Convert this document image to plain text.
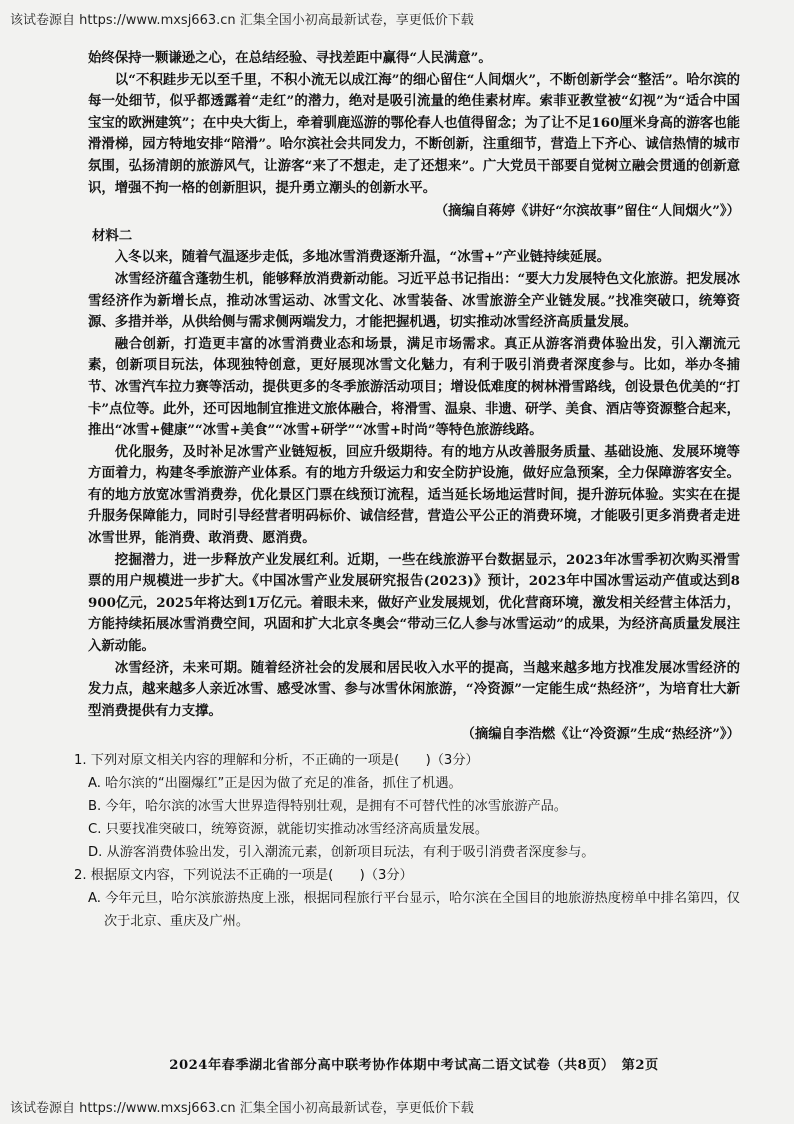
该试卷源自 https://www.mxsj663.cn 汇集全国小初高最新试卷，享更低价下载

始终保持一颗谦逊之心，在总结经验、寻找差距中赢得“人民满意”。

以“不积跬步无以至千里，不积小流无以成江海”的细心留住“人间烟火”，不断创新学会“整活”。哈尔滨的每一处细节，似乎都透露着“走红”的潜力，绝对是吸引流量的绝佳素材库。索菲亚教堂被“幻视”为“适合中国宝宝的欧洲建筑”；在中央大街上，牵着驯鹿巡游的鄂伦春人也值得留念；为了让不足160厘米身高的游客也能滑滑梯，园方特地安排“陪滑”。哈尔滨社会共同发力，不断创新，注重细节，营造上下齐心、诚信热情的城市氛围，弘扬清朗的旅游风气，让游客“来了不想走，走了还想来”。广大党员干部要自觉树立融会贯通的创新意识，增强不拘一格的创新胆识，提升勇立潮头的创新水平。

（摘编自蒋婷《讲好“尔滨故事”留住“人间烟火”》）

材料二

入冬以来，随着气温逐步走低，多地冰雪消费逐渐升温，“冰雪+”产业链持续延展。

冰雪经济蕴含蓬勃生机，能够释放消费新动能。习近平总书记指出：“要大力发展特色文化旅游。把发展冰雪经济作为新增长点，推动冰雪运动、冰雪文化、冰雪装备、冰雪旅游全产业链发展。”找准突破口，统筹资源、多措并举，从供给侧与需求侧两端发力，才能把握机遇，切实推动冰雪经济高质量发展。

融合创新，打造更丰富的冰雪消费业态和场景，满足市场需求。真正从游客消费体验出发，引入潮流元素，创新项目玩法，体现独特创意，更好展现冰雪文化魅力，有利于吸引消费者深度参与。比如，举办冬捕节、冰雪汽车拉力赛等活动，提供更多的冬季旅游活动项目；增设低难度的树林滑雪路线，创设景色优美的“打卡”点位等。此外，还可因地制宜推进文旅体融合，将滑雪、温泉、非遗、研学、美食、酒店等资源整合起来，推出“冰雪+健康”“冰雪+美食”“冰雪+研学”“冰雪+时尚”等特色旅游线路。

优化服务，及时补足冰雪产业链短板，回应升级期待。有的地方从改善服务质量、基础设施、发展环境等方面着力，构建冬季旅游产业体系。有的地方升级运力和安全防护设施，做好应急预案，全力保障游客安全。有的地方放宽冰雪消费券，优化景区门票在线预订流程，适当延长场地运营时间，提升游玩体验。实实在在提升服务保障能力，同时引导经营者明码标价、诚信经营，营造公平公正的消费环境，才能吸引更多消费者走进冰雪世界，能消费、敢消费、愿消费。

挖掘潜力，进一步释放产业发展红利。近期，一些在线旅游平台数据显示，2023年冰雪季初次购买滑雪票的用户规模进一步扩大。《中国冰雪产业发展研究报告(2023)》预计，2023年中国冰雪运动产值或达到8 900亿元，2025年将达到1万亿元。着眼未来，做好产业发展规划，优化营商环境，激发相关经营主体活力，方能持续拓展冰雪消费空间，巩固和扩大北京冬奥会“带动三亿人参与冰雪运动”的成果，为经济高质量发展注入新动能。

冰雪经济，未来可期。随着经济社会的发展和居民收入水平的提高，当越来越多地方找准发展冰雪经济的发力点，越来越多人亲近冰雪、感受冰雪、参与冰雪休闲旅游，“冷资源”一定能生成“热经济”，为培育壮大新型消费提供有力支撑。

（摘编自李浩燃《让“冷资源”生成“热经济”》）

1. 下列对原文相关内容的理解和分析，不正确的一项是(　　)（3分）

A. 哈尔滨的“出圈爆红”正是因为做了充足的准备，抓住了机遇。

B. 今年，哈尔滨的冰雪大世界造得特别壮观，是拥有不可替代性的冰雪旅游产品。

C. 只要找准突破口，统筹资源，就能切实推动冰雪经济高质量发展。

D. 从游客消费体验出发，引入潮流元素，创新项目玩法，有利于吸引消费者深度参与。

2. 根据原文内容，下列说法不正确的一项是(　　)（3分）

A. 今年元旦，哈尔滨旅游热度上涨，根据同程旅行平台显示，哈尔滨在全国目的地旅游热度榜单中排名第四，仅次于北京、重庆及广州。

2024年春季湖北省部分高中联考协作体期中考试高二语文试卷（共8页）　第2页
该试卷源自 https://www.mxsj663.cn 汇集全国小初高最新试卷，享更低价下载
